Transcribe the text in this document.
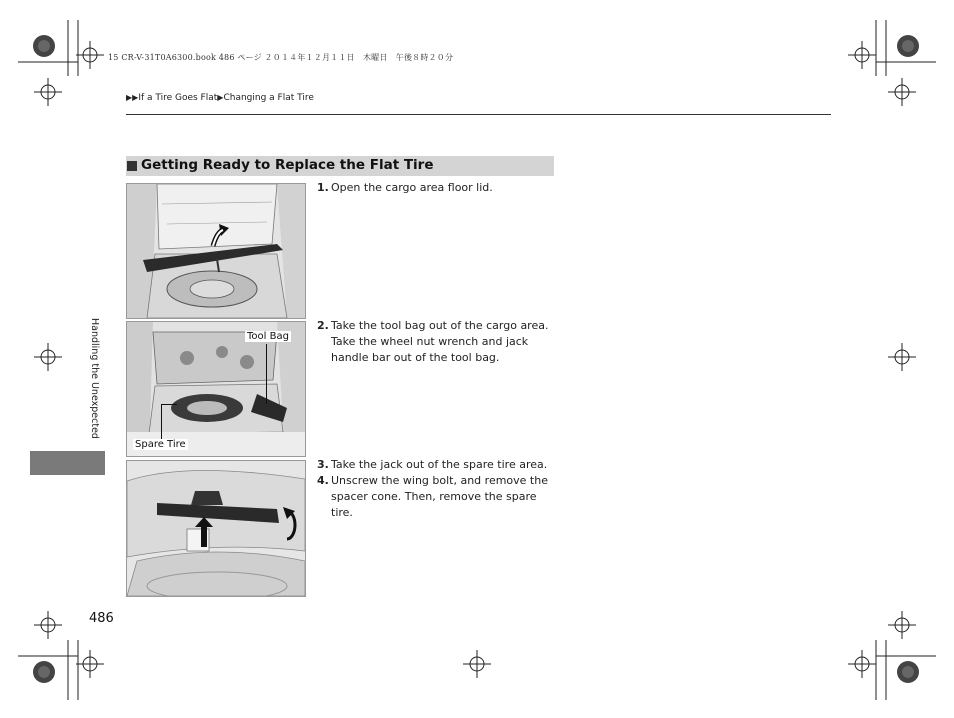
15 CR-V-31T0A6300.book 486 ページ ２０１４年１２月１１日　木曜日　午後８時２０分
▶▶If a Tire Goes Flat▶Changing a Flat Tire
Getting Ready to Replace the Flat Tire
1. Open the cargo area floor lid.
Tool Bag
Spare Tire
2. Take the tool bag out of the cargo area. Take the wheel nut wrench and jack handle bar out of the tool bag.
3. Take the jack out of the spare tire area.
4. Unscrew the wing bolt, and remove the spacer cone. Then, remove the spare tire.
Handling the Unexpected
486
